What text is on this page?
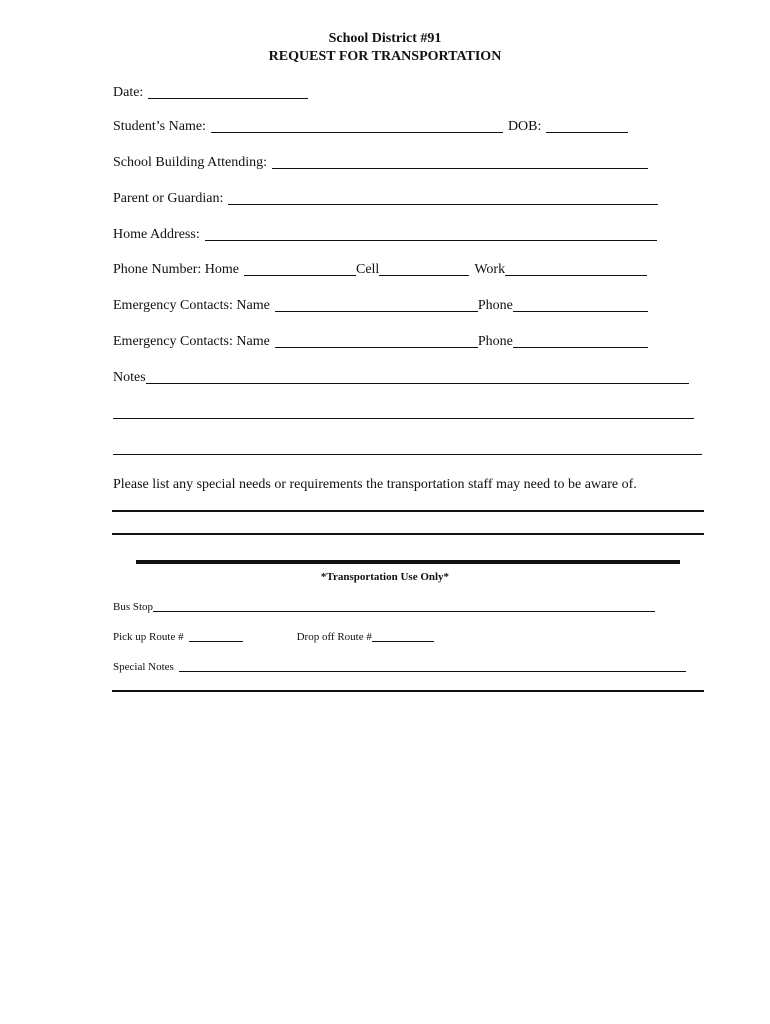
School District #91
REQUEST FOR TRANSPORTATION
Date:
Student’s Name:	DOB:
School Building Attending:
Parent or Guardian:
Home Address:
Phone Number: Home	Cell	Work
Emergency Contacts: Name	Phone
Emergency Contacts: Name	Phone
Notes
Please list any special needs or requirements the transportation staff may need to be aware of.
*Transportation Use Only*
Bus Stop
Pick up Route #	Drop off Route #
Special Notes
